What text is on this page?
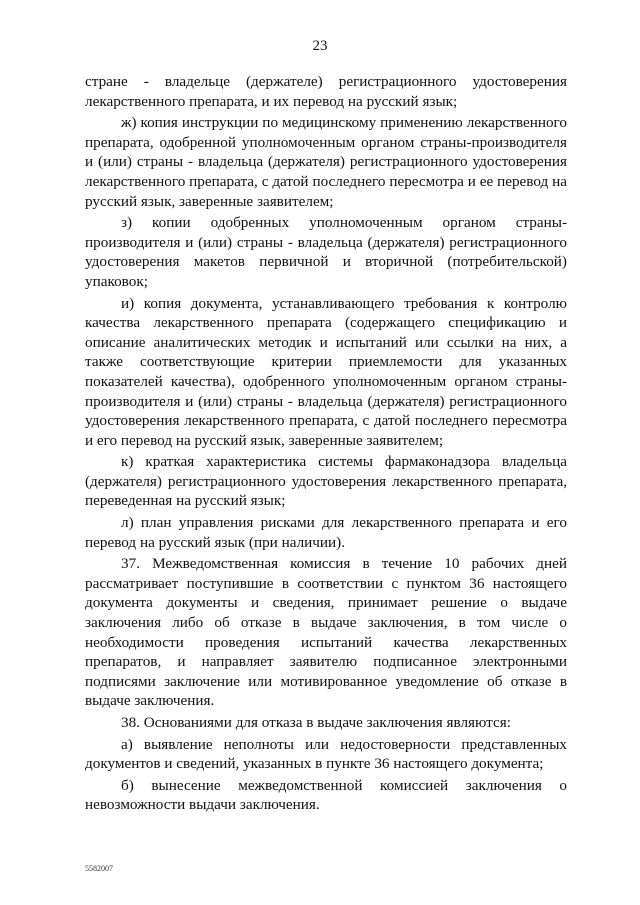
23

стране - владельце (держателе) регистрационного удостоверения лекарственного препарата, и их перевод на русский язык;

ж) копия инструкции по медицинскому применению лекарственного препарата, одобренной уполномоченным органом страны-производителя и (или) страны - владельца (держателя) регистрационного удостоверения лекарственного препарата, с датой последнего пересмотра и ее перевод на русский язык, заверенные заявителем;

з) копии одобренных уполномоченным органом страны-производителя и (или) страны - владельца (держателя) регистрационного удостоверения макетов первичной и вторичной (потребительской) упаковок;

и) копия документа, устанавливающего требования к контролю качества лекарственного препарата (содержащего спецификацию и описание аналитических методик и испытаний или ссылки на них, а также соответствующие критерии приемлемости для указанных показателей качества), одобренного уполномоченным органом страны-производителя и (или) страны - владельца (держателя) регистрационного удостоверения лекарственного препарата, с датой последнего пересмотра и его перевод на русский язык, заверенные заявителем;

к) краткая характеристика системы фармаконадзора владельца (держателя) регистрационного удостоверения лекарственного препарата, переведенная на русский язык;

л) план управления рисками для лекарственного препарата и его перевод на русский язык (при наличии).

37. Межведомственная комиссия в течение 10 рабочих дней рассматривает поступившие в соответствии с пунктом 36 настоящего документа документы и сведения, принимает решение о выдаче заключения либо об отказе в выдаче заключения, в том числе о необходимости проведения испытаний качества лекарственных препаратов, и направляет заявителю подписанное электронными подписями заключение или мотивированное уведомление об отказе в выдаче заключения.

38. Основаниями для отказа в выдаче заключения являются:

а) выявление неполноты или недостоверности представленных документов и сведений, указанных в пункте 36 настоящего документа;

б) вынесение межведомственной комиссией заключения о невозможности выдачи заключения.

5582007
